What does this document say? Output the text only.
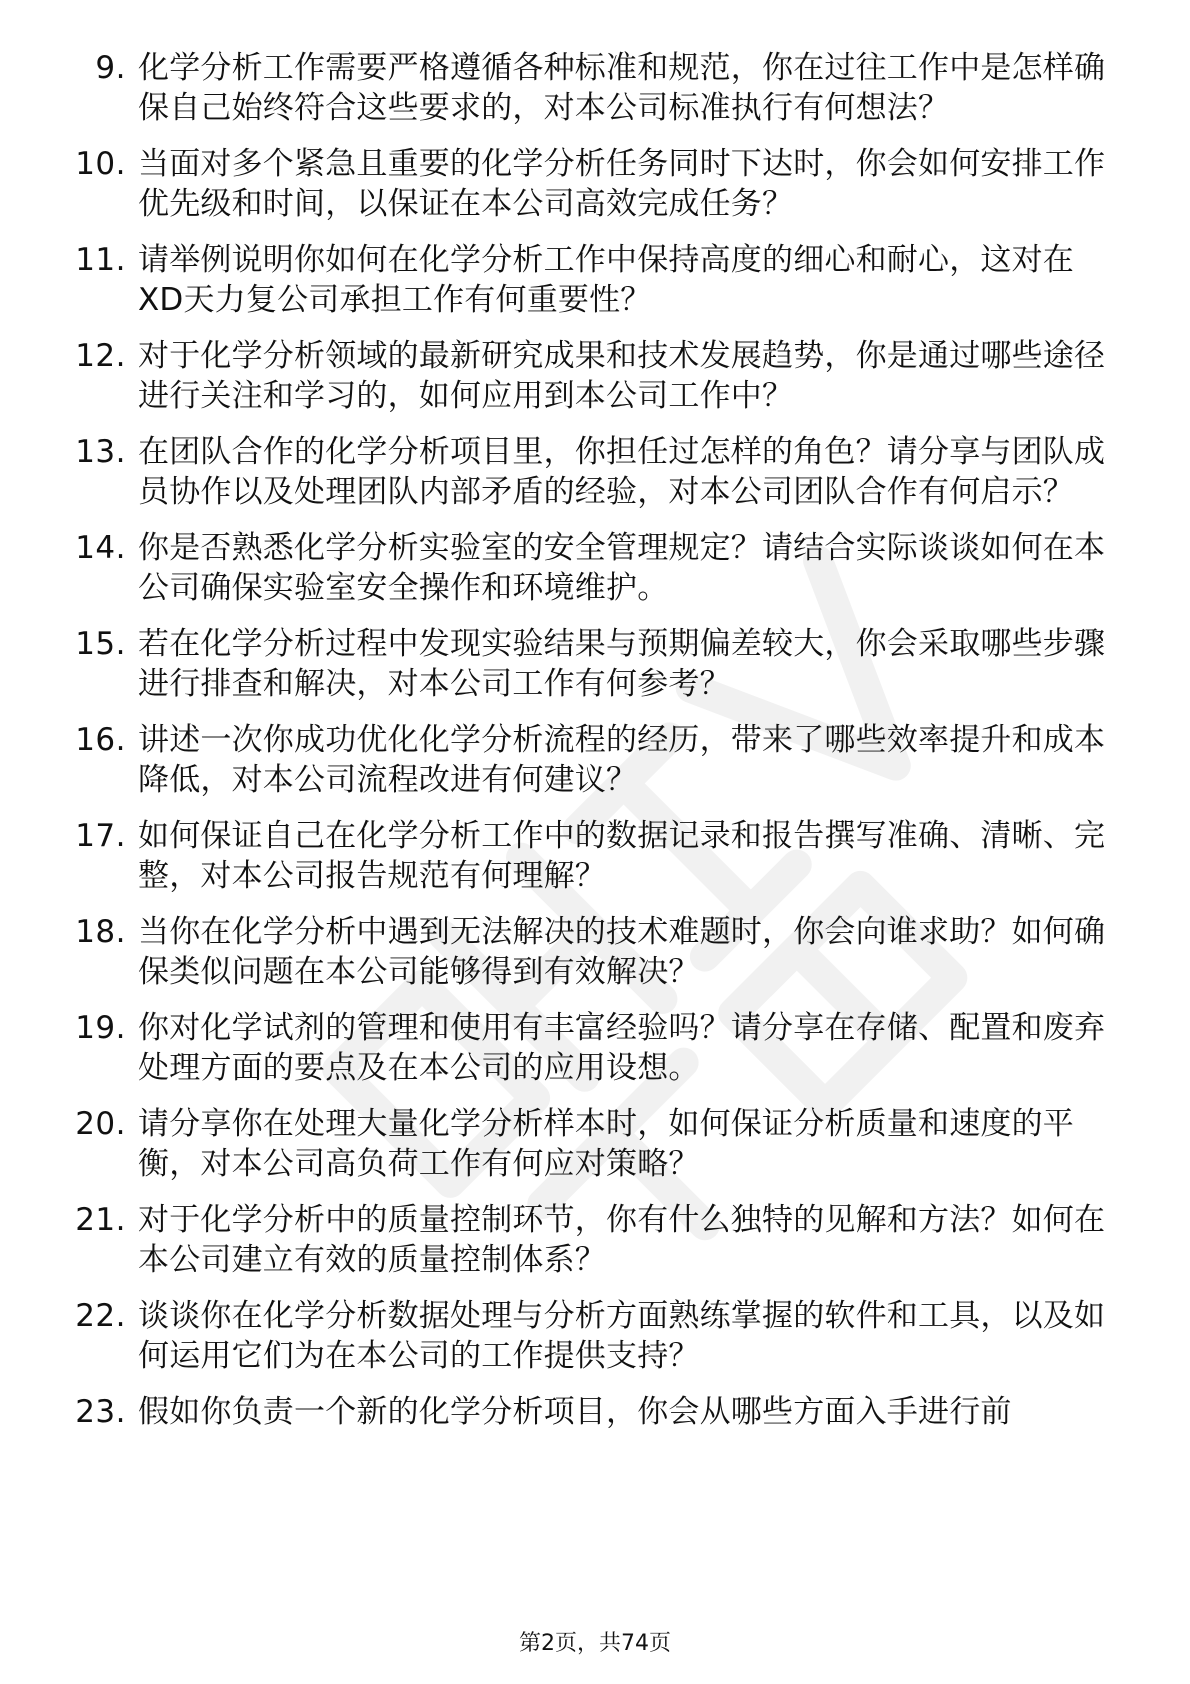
9. 化学分析工作需要严格遵循各种标准和规范，你在过往工作中是怎样确保自己始终符合这些要求的，对本公司标准执行有何想法？
10. 当面对多个紧急且重要的化学分析任务同时下达时，你会如何安排工作优先级和时间，以保证在本公司高效完成任务？
11. 请举例说明你如何在化学分析工作中保持高度的细心和耐心，这对在XD天力复公司承担工作有何重要性？
12. 对于化学分析领域的最新研究成果和技术发展趋势，你是通过哪些途径进行关注和学习的，如何应用到本公司工作中？
13. 在团队合作的化学分析项目里，你担任过怎样的角色？请分享与团队成员协作以及处理团队内部矛盾的经验，对本公司团队合作有何启示？
14. 你是否熟悉化学分析实验室的安全管理规定？请结合实际谈谈如何在本公司确保实验室安全操作和环境维护。
15. 若在化学分析过程中发现实验结果与预期偏差较大，你会采取哪些步骤进行排查和解决，对本公司工作有何参考？
16. 讲述一次你成功优化化学分析流程的经历，带来了哪些效率提升和成本降低，对本公司流程改进有何建议？
17. 如何保证自己在化学分析工作中的数据记录和报告撰写准确、清晰、完整，对本公司报告规范有何理解？
18. 当你在化学分析中遇到无法解决的技术难题时，你会向谁求助？如何确保类似问题在本公司能够得到有效解决？
19. 你对化学试剂的管理和使用有丰富经验吗？请分享在存储、配置和废弃处理方面的要点及在本公司的应用设想。
20. 请分享你在处理大量化学分析样本时，如何保证分析质量和速度的平衡，对本公司高负荷工作有何应对策略？
21. 对于化学分析中的质量控制环节，你有什么独特的见解和方法？如何在本公司建立有效的质量控制体系？
22. 谈谈你在化学分析数据处理与分析方面熟练掌握的软件和工具，以及如何运用它们为在本公司的工作提供支持？
23. 假如你负责一个新的化学分析项目，你会从哪些方面入手进行前
第2页，共74页
